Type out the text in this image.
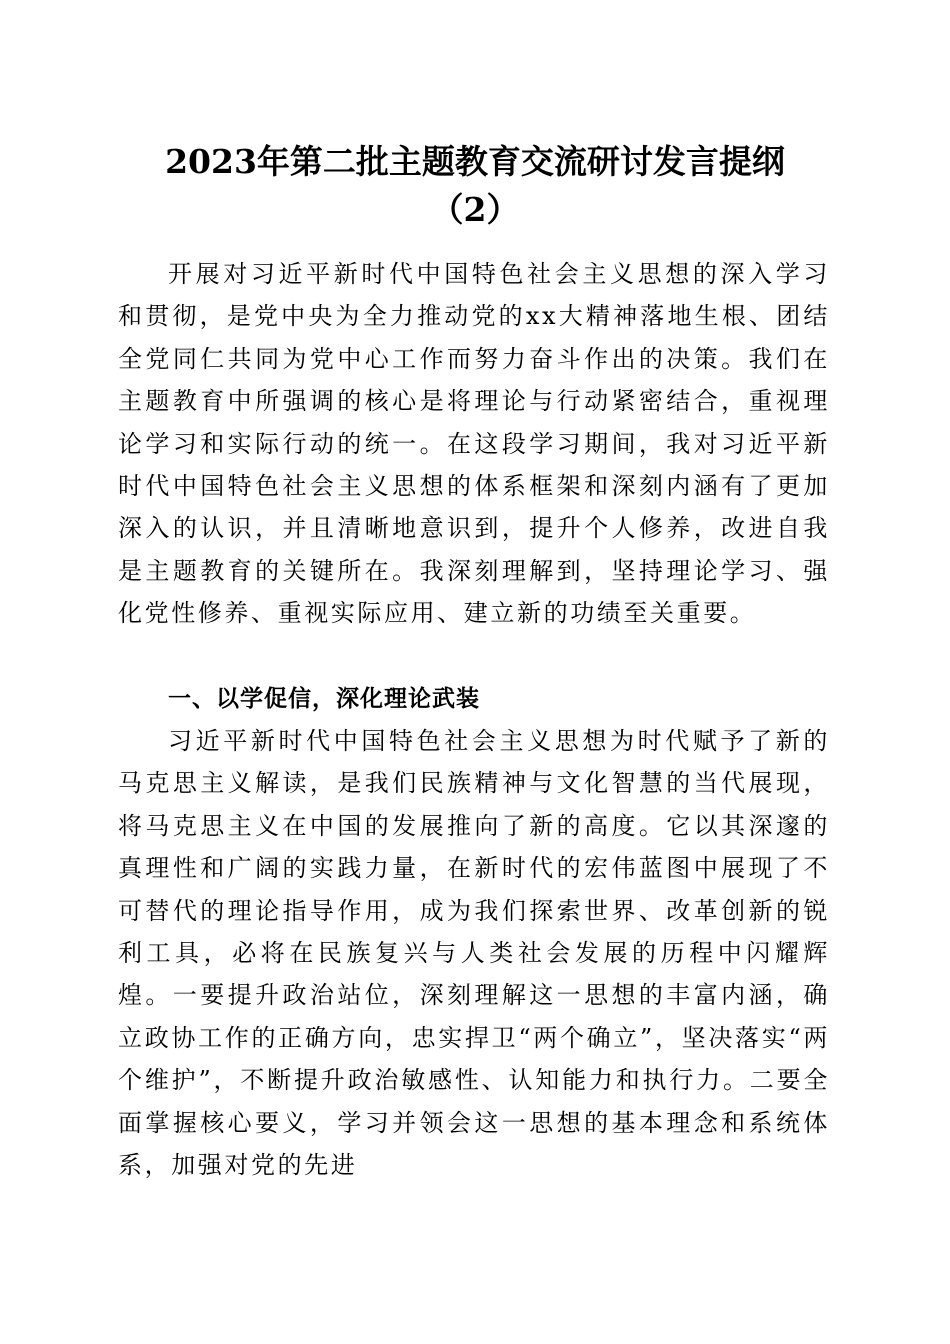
2023年第二批主题教育交流研讨发言提纲
（2）

开展对习近平新时代中国特色社会主义思想的深入学习和贯彻，是党中央为全力推动党的xx大精神落地生根、团结全党同仁共同为党中心工作而努力奋斗作出的决策。我们在主题教育中所强调的核心是将理论与行动紧密结合，重视理论学习和实际行动的统一。在这段学习期间，我对习近平新时代中国特色社会主义思想的体系框架和深刻内涵有了更加深入的认识，并且清晰地意识到，提升个人修养，改进自我是主题教育的关键所在。我深刻理解到，坚持理论学习、强化党性修养、重视实际应用、建立新的功绩至关重要。

一、以学促信，深化理论武装

习近平新时代中国特色社会主义思想为时代赋予了新的马克思主义解读，是我们民族精神与文化智慧的当代展现，将马克思主义在中国的发展推向了新的高度。它以其深邃的真理性和广阔的实践力量，在新时代的宏伟蓝图中展现了不可替代的理论指导作用，成为我们探索世界、改革创新的锐利工具，必将在民族复兴与人类社会发展的历程中闪耀辉煌。一要提升政治站位，深刻理解这一思想的丰富内涵，确立政协工作的正确方向，忠实捍卫“两个确立”，坚决落实“两个维护”，不断提升政治敏感性、认知能力和执行力。二要全面掌握核心要义，学习并领会这一思想的基本理念和系统体系，加强对党的先进
